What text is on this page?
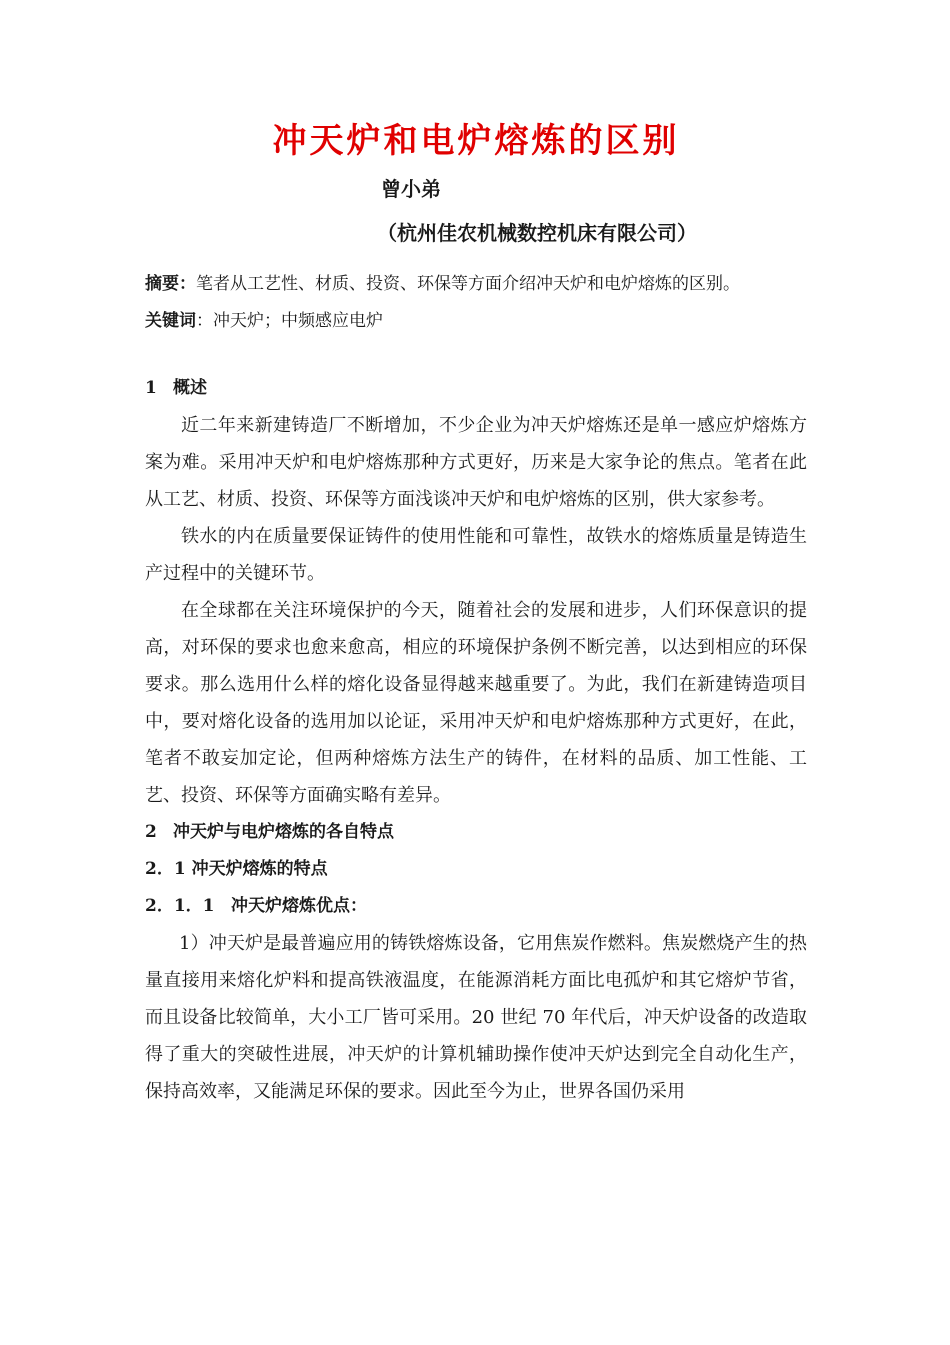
冲天炉和电炉熔炼的区别
曾小弟
（杭州佳农机械数控机床有限公司）

摘要：笔者从工艺性、材质、投资、环保等方面介绍冲天炉和电炉熔炼的区别。

关键词：冲天炉；中频感应电炉

1 概述

近二年来新建铸造厂不断增加，不少企业为冲天炉熔炼还是单一感应炉熔炼方案为难。采用冲天炉和电炉熔炼那种方式更好，历来是大家争论的焦点。笔者在此从工艺、材质、投资、环保等方面浅谈冲天炉和电炉熔炼的区别，供大家参考。

铁水的内在质量要保证铸件的使用性能和可靠性，故铁水的熔炼质量是铸造生产过程中的关键环节。

在全球都在关注环境保护的今天，随着社会的发展和进步，人们环保意识的提高，对环保的要求也愈来愈高，相应的环境保护条例不断完善，以达到相应的环保要求。那么选用什么样的熔化设备显得越来越重要了。为此，我们在新建铸造项目中，要对熔化设备的选用加以论证，采用冲天炉和电炉熔炼那种方式更好，在此，笔者不敢妄加定论，但两种熔炼方法生产的铸件，在材料的品质、加工性能、工艺、投资、环保等方面确实略有差异。

2 冲天炉与电炉熔炼的各自特点

2．1 冲天炉熔炼的特点

2．1．1 冲天炉熔炼优点：

1）冲天炉是最普遍应用的铸铁熔炼设备，它用焦炭作燃料。焦炭燃烧产生的热量直接用来熔化炉料和提高铁液温度，在能源消耗方面比电孤炉和其它熔炉节省，而且设备比较简单，大小工厂皆可采用。20 世纪 70 年代后，冲天炉设备的改造取得了重大的突破性进展，冲天炉的计算机辅助操作使冲天炉达到完全自动化生产，保持高效率，又能满足环保的要求。因此至今为止，世界各国仍采用
